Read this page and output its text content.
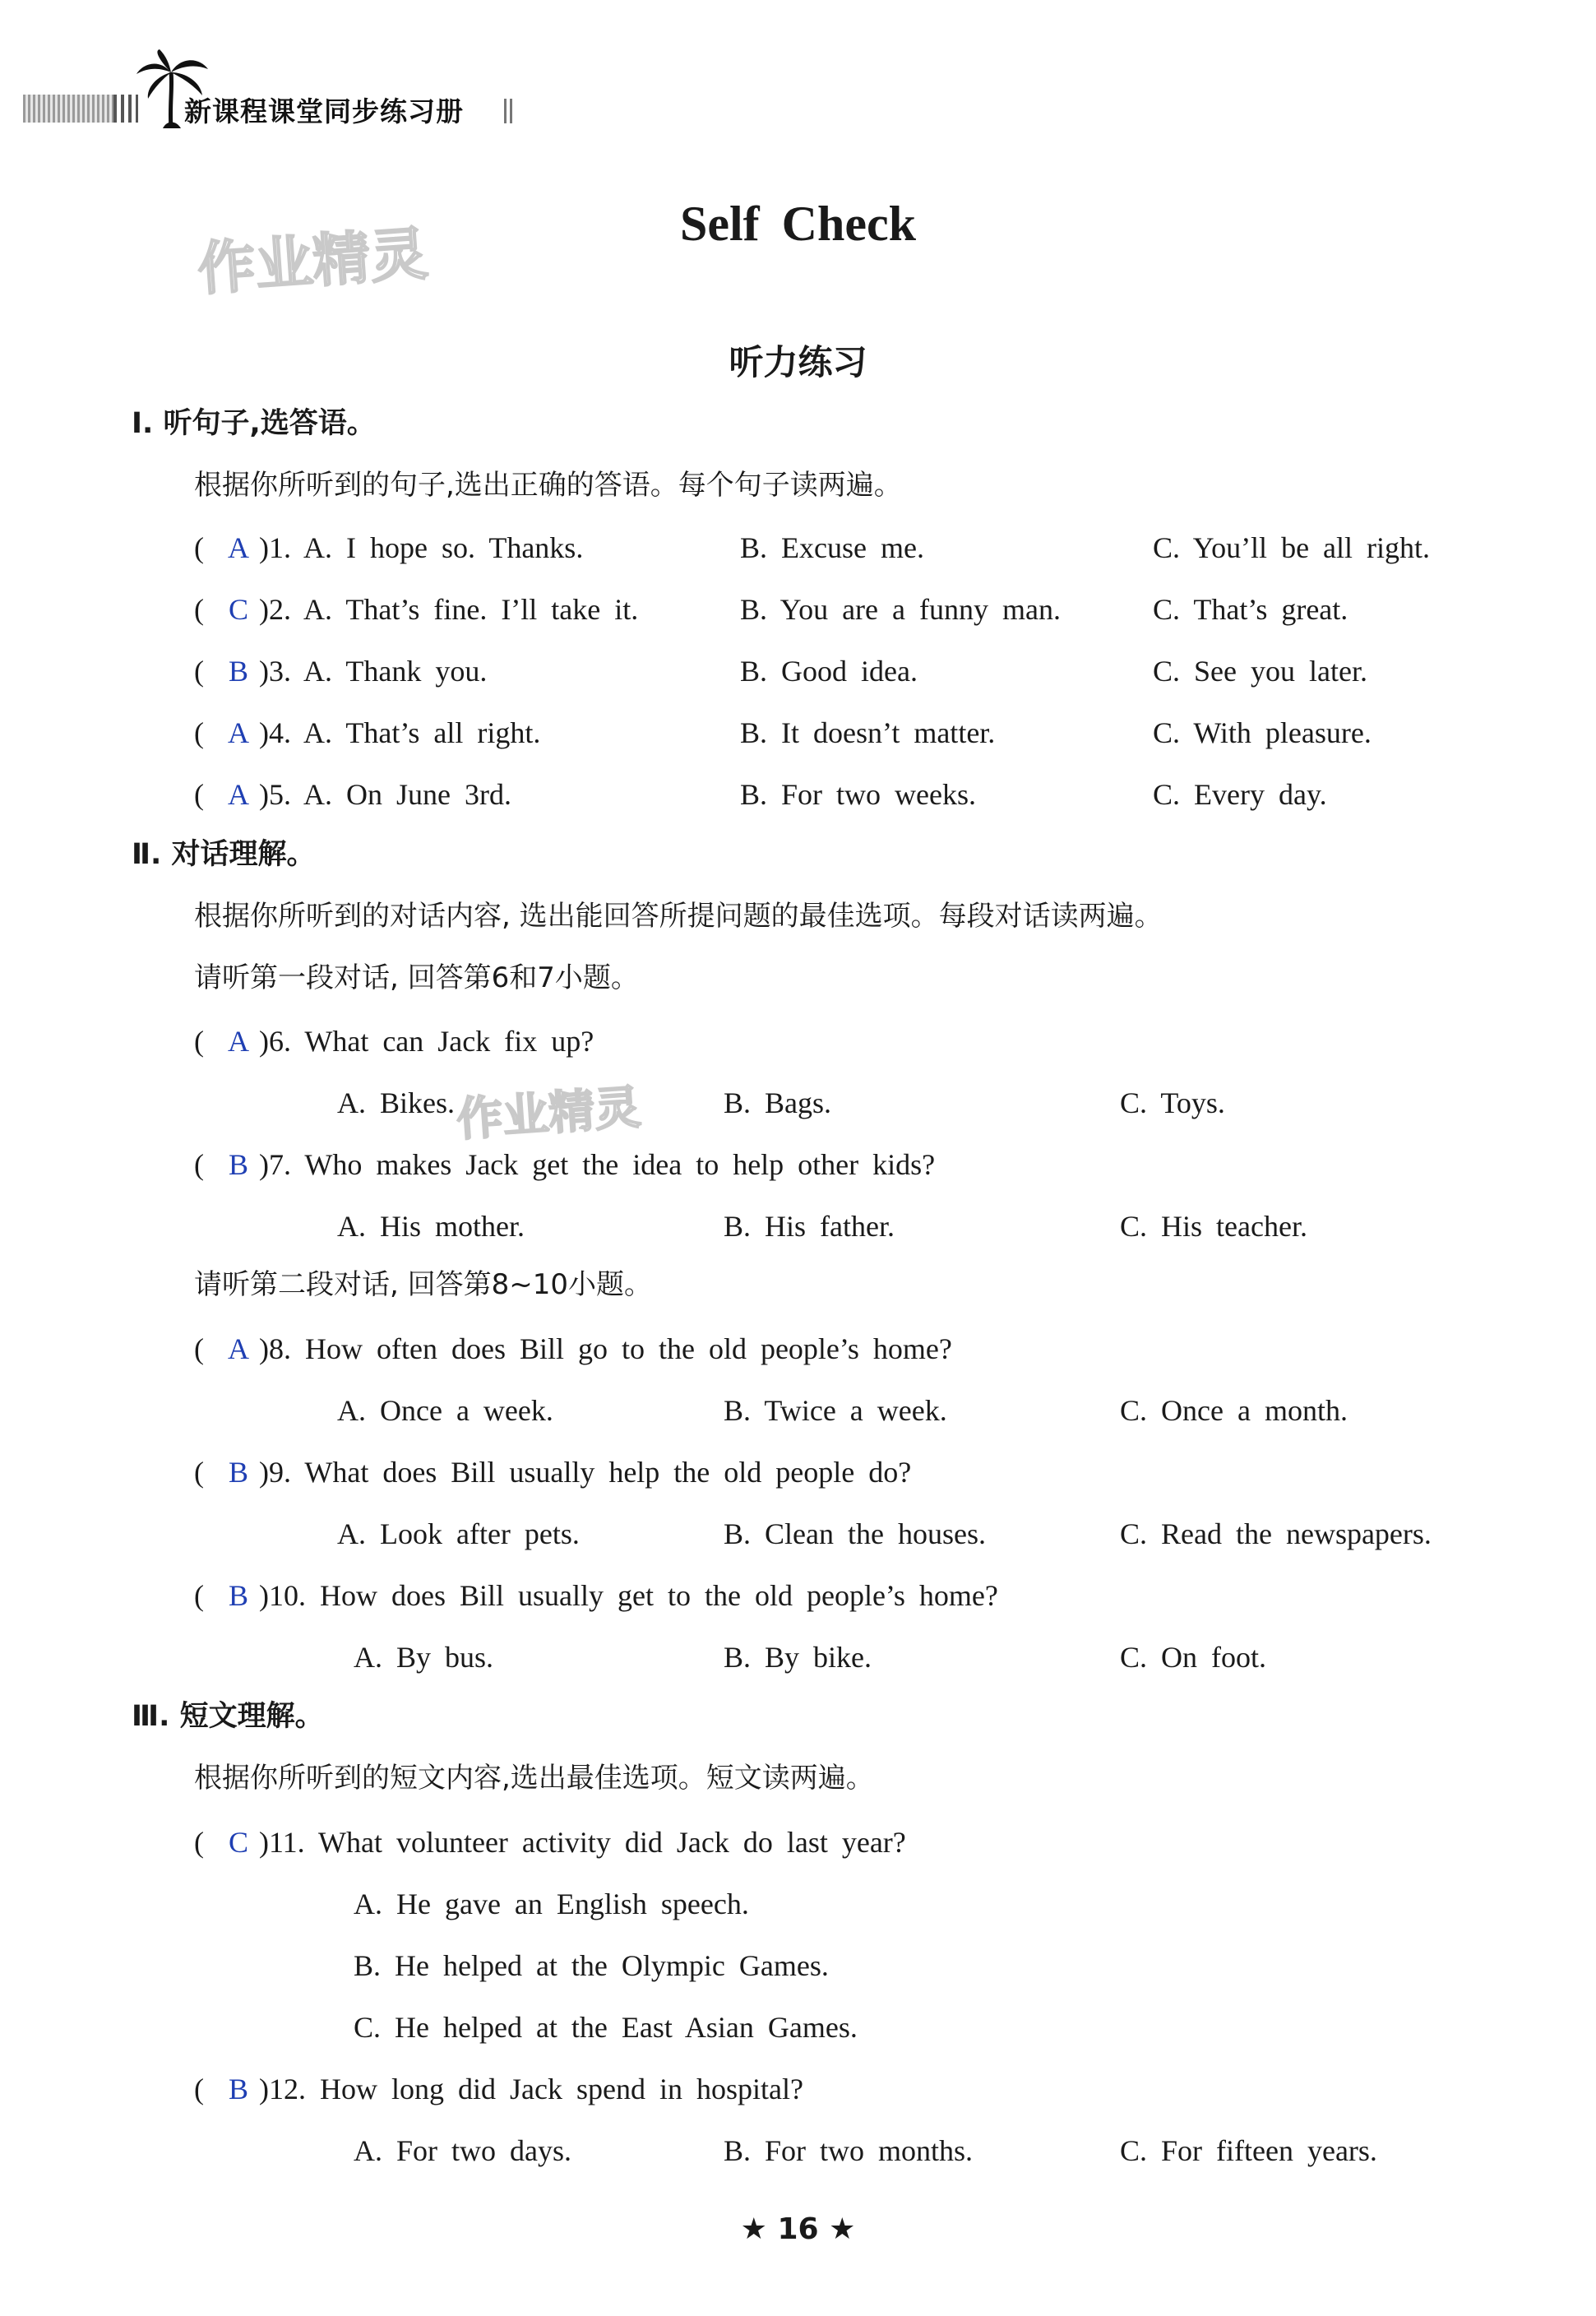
新课程课堂同步练习册
作业精灵
作业精灵
Self Check
听力练习
Ⅰ. 听句子,选答语。
根据你所听到的句子,选出正确的答语。每个句子读两遍。
( A )1. A. I hope so. Thanks.	B. Excuse me.	C. You’ll be all right.
( C )2. A. That’s fine. I’ll take it.	B. You are a funny man.	C. That’s great.
( B )3. A. Thank you.	B. Good idea.	C. See you later.
( A )4. A. That’s all right.	B. It doesn’t matter.	C. With pleasure.
( A )5. A. On June 3rd.	B. For two weeks.	C. Every day.
Ⅱ. 对话理解。
根据你所听到的对话内容, 选出能回答所提问题的最佳选项。每段对话读两遍。
请听第一段对话, 回答第6和7小题。
( A )6. What can Jack fix up?
A. Bikes.	B. Bags.	C. Toys.
( B )7. Who makes Jack get the idea to help other kids?
A. His mother.	B. His father.	C. His teacher.
请听第二段对话, 回答第8~10小题。
( A )8. How often does Bill go to the old people’s home?
A. Once a week.	B. Twice a week.	C. Once a month.
( B )9. What does Bill usually help the old people do?
A. Look after pets.	B. Clean the houses.	C. Read the newspapers.
( B )10. How does Bill usually get to the old people’s home?
A. By bus.	B. By bike.	C. On foot.
Ⅲ. 短文理解。
根据你所听到的短文内容,选出最佳选项。短文读两遍。
( C )11. What volunteer activity did Jack do last year?
A. He gave an English speech.
B. He helped at the Olympic Games.
C. He helped at the East Asian Games.
( B )12. How long did Jack spend in hospital?
A. For two days.	B. For two months.	C. For fifteen years.
★ 16 ★
